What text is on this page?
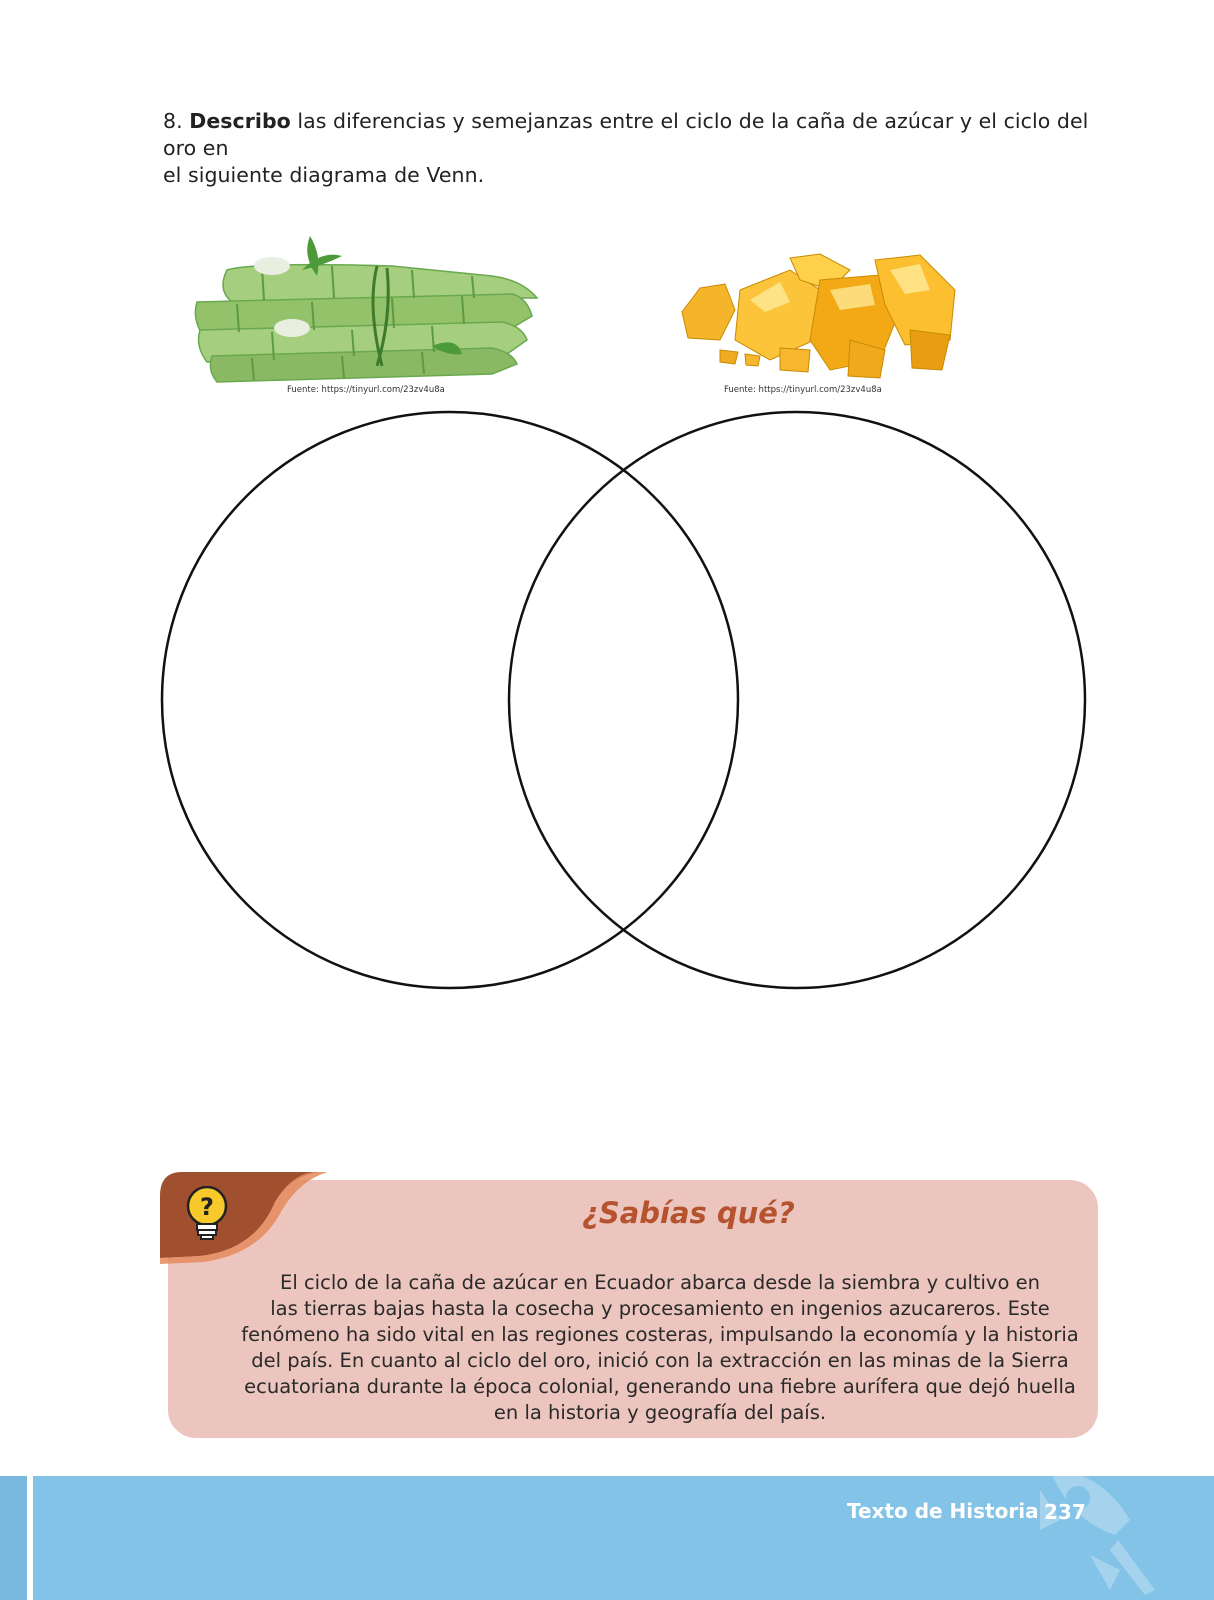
8. Describo las diferencias y semejanzas entre el ciclo de la caña de azúcar y el ciclo del oro en
el siguiente diagrama de Venn.
Fuente: https://tinyurl.com/23zv4u8a	Fuente: https://tinyurl.com/23zv4u8a
?	¿Sabías qué?
El ciclo de la caña de azúcar en Ecuador abarca desde la siembra y cultivo en
las tierras bajas hasta la cosecha y procesamiento en ingenios azucareros. Este
fenómeno ha sido vital en las regiones costeras, impulsando la economía y la historia
del país. En cuanto al ciclo del oro, inició con la extracción en las minas de la Sierra
ecuatoriana durante la época colonial, generando una fiebre aurífera que dejó huella
en la historia y geografía del país.
Texto de Historia 237
